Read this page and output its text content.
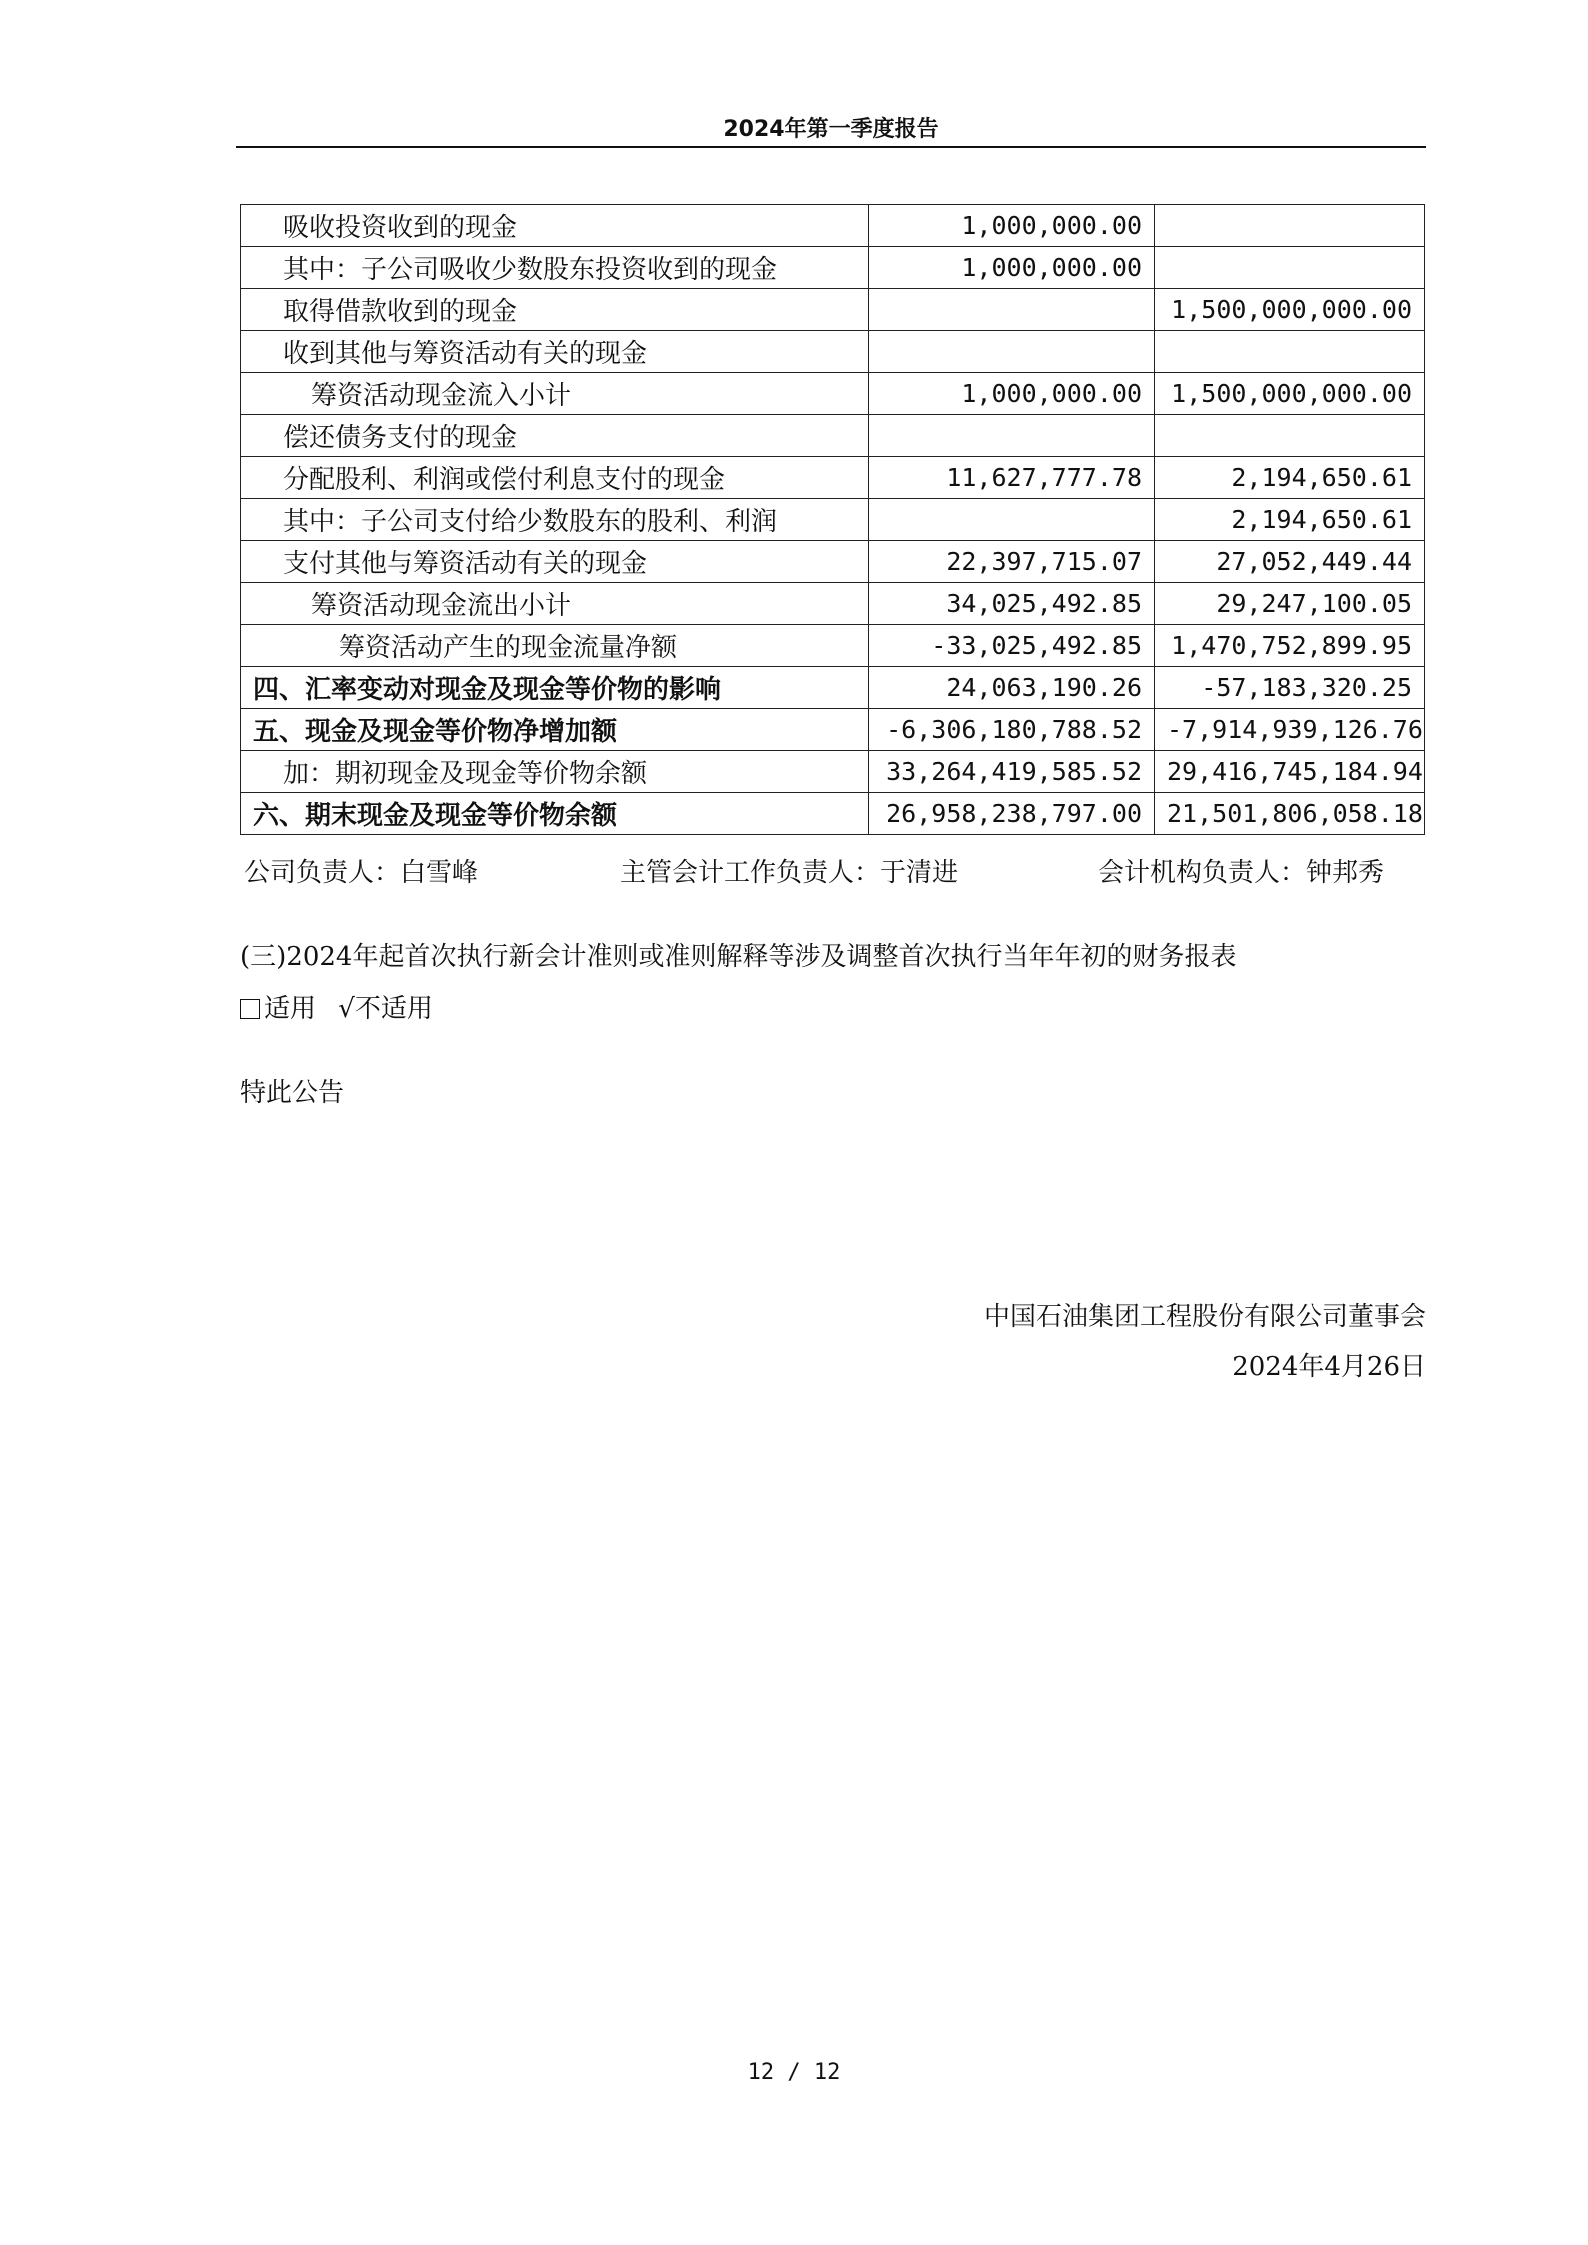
2024年第一季度报告
吸收投资收到的现金	1,000,000.00	
其中：子公司吸收少数股东投资收到的现金	1,000,000.00	
取得借款收到的现金		1,500,000,000.00
收到其他与筹资活动有关的现金		
筹资活动现金流入小计	1,000,000.00	1,500,000,000.00
偿还债务支付的现金		
分配股利、利润或偿付利息支付的现金	11,627,777.78	2,194,650.61
其中：子公司支付给少数股东的股利、利润		2,194,650.61
支付其他与筹资活动有关的现金	22,397,715.07	27,052,449.44
筹资活动现金流出小计	34,025,492.85	29,247,100.05
筹资活动产生的现金流量净额	-33,025,492.85	1,470,752,899.95
四、汇率变动对现金及现金等价物的影响	24,063,190.26	-57,183,320.25
五、现金及现金等价物净增加额	-6,306,180,788.52	-7,914,939,126.76
加：期初现金及现金等价物余额	33,264,419,585.52	29,416,745,184.94
六、期末现金及现金等价物余额	26,958,238,797.00	21,501,806,058.18
公司负责人：白雪峰	主管会计工作负责人：于清进	会计机构负责人：钟邦秀
(三)2024年起首次执行新会计准则或准则解释等涉及调整首次执行当年年初的财务报表
适用 √不适用
特此公告
中国石油集团工程股份有限公司董事会
2024年4月26日
12 / 12
